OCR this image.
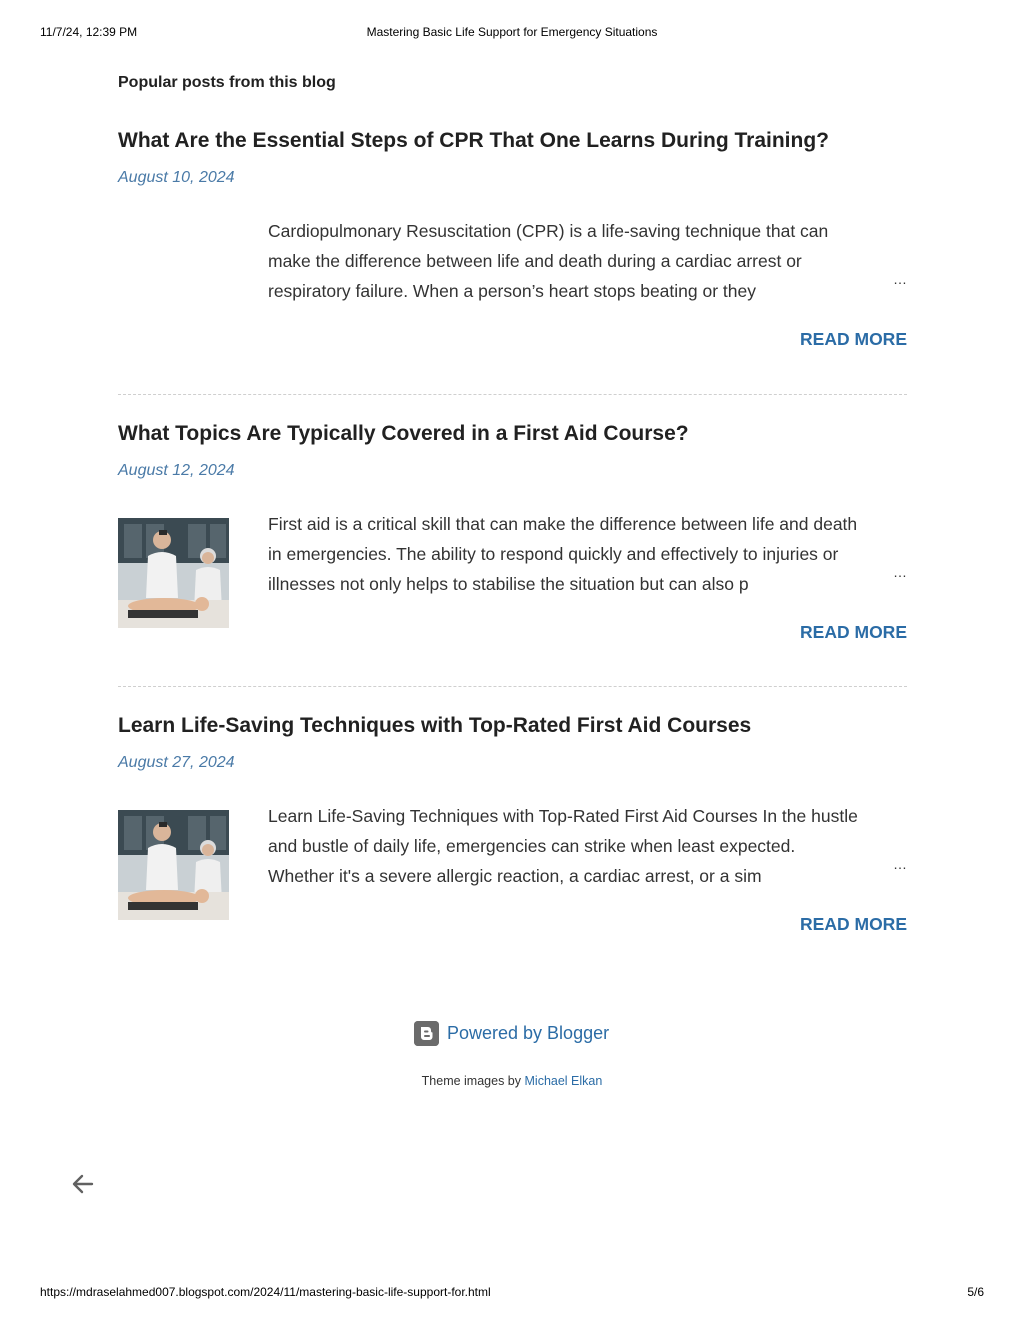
11/7/24, 12:39 PM	Mastering Basic Life Support for Emergency Situations
Popular posts from this blog
What Are the Essential Steps of CPR That One Learns During Training?
August 10, 2024
Cardiopulmonary Resuscitation (CPR) is a life-saving technique that can
make the difference between life and death during a cardiac arrest or
respiratory failure. When a person’s heart stops beating or they
…
READ MORE
What Topics Are Typically Covered in a First Aid Course?
August 12, 2024
First aid is a critical skill that can make the difference between life and death
in emergencies. The ability to respond quickly and effectively to injuries or
illnesses not only helps to stabilise the situation but can also p
…
READ MORE
Learn Life-Saving Techniques with Top-Rated First Aid Courses
August 27, 2024
Learn Life-Saving Techniques with Top-Rated First Aid Courses In the hustle
and bustle of daily life, emergencies can strike when least expected.
Whether it's a severe allergic reaction, a cardiac arrest, or a sim
…
READ MORE
Powered by Blogger
Theme images by Michael Elkan
https://mdraselahmed007.blogspot.com/2024/11/mastering-basic-life-support-for.html	5/6
